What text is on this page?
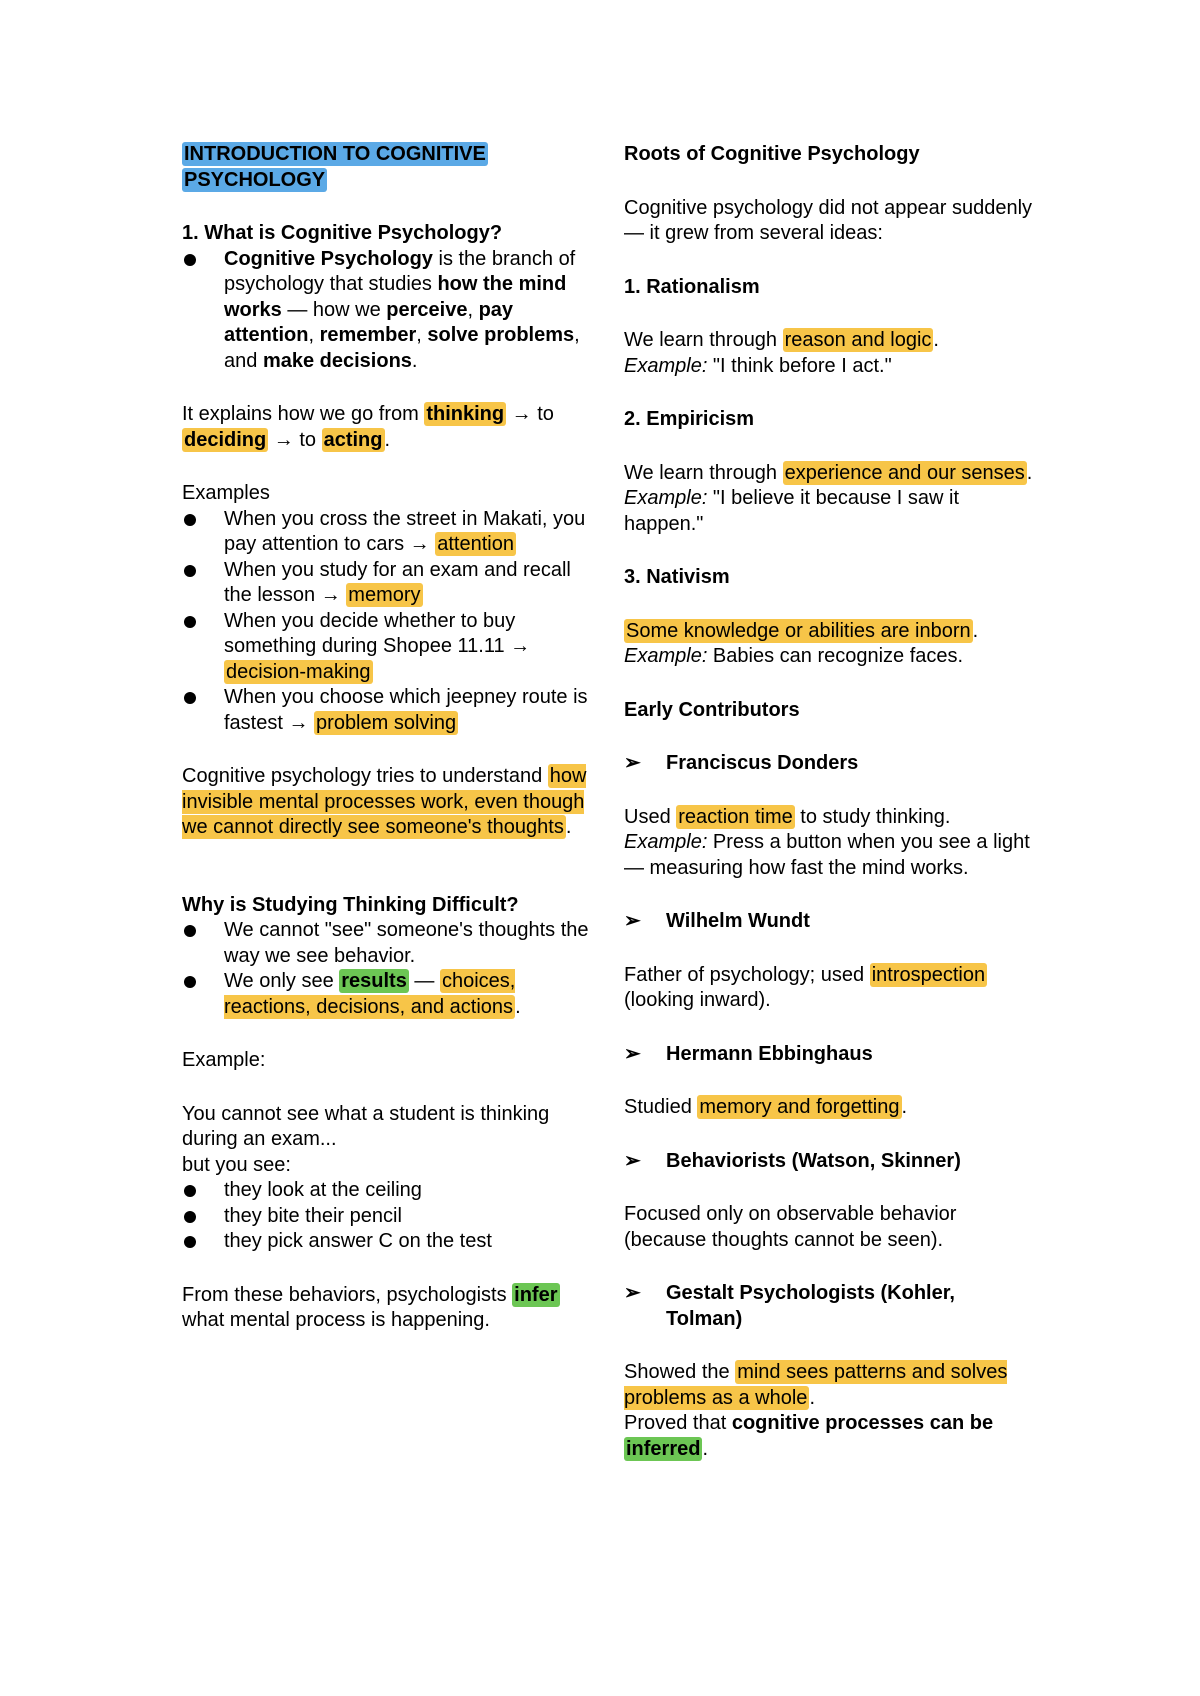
INTRODUCTION TO COGNITIVE
PSYCHOLOGY

1. What is Cognitive Psychology?

Cognitive Psychology is the branch of psychology that studies how the mind works — how we perceive, pay attention, remember, solve problems, and make decisions.

It explains how we go from thinking → to deciding → to acting .

Examples

When you cross the street in Makati, you pay attention to cars → attention
When you study for an exam and recall the lesson → memory
When you decide whether to buy something during Shopee 11.11 → decision-making
When you choose which jeepney route is fastest → problem solving

Cognitive psychology tries to understand how invisible mental processes work, even though we cannot directly see someone's thoughts .

Why is Studying Thinking Difficult?

We cannot "see" someone's thoughts the way we see behavior.
We only see results — choices, reactions, decisions, and actions .

Example:

You cannot see what a student is thinking during an exam...
but you see:

they look at the ceiling
they bite their pencil
they pick answer C on the test

From these behaviors, psychologists infer what mental process is happening.

Roots of Cognitive Psychology

Cognitive psychology did not appear suddenly — it grew from several ideas:

1. Rationalism

We learn through reason and logic .
Example: "I think before I act."

2. Empiricism

We learn through experience and our senses .
Example: "I believe it because I saw it happen."

3. Nativism

Some knowledge or abilities are inborn .
Example: Babies can recognize faces.

Early Contributors

➢ Franciscus Donders

Used reaction time to study thinking.
Example: Press a button when you see a light — measuring how fast the mind works.

➢ Wilhelm Wundt

Father of psychology; used introspection (looking inward).

➢ Hermann Ebbinghaus

Studied memory and forgetting .

➢ Behaviorists (Watson, Skinner)

Focused only on observable behavior (because thoughts cannot be seen).

➢ Gestalt Psychologists (Kohler, Tolman)

Showed the mind sees patterns and solves problems as a whole .
Proved that cognitive processes can be inferred .
